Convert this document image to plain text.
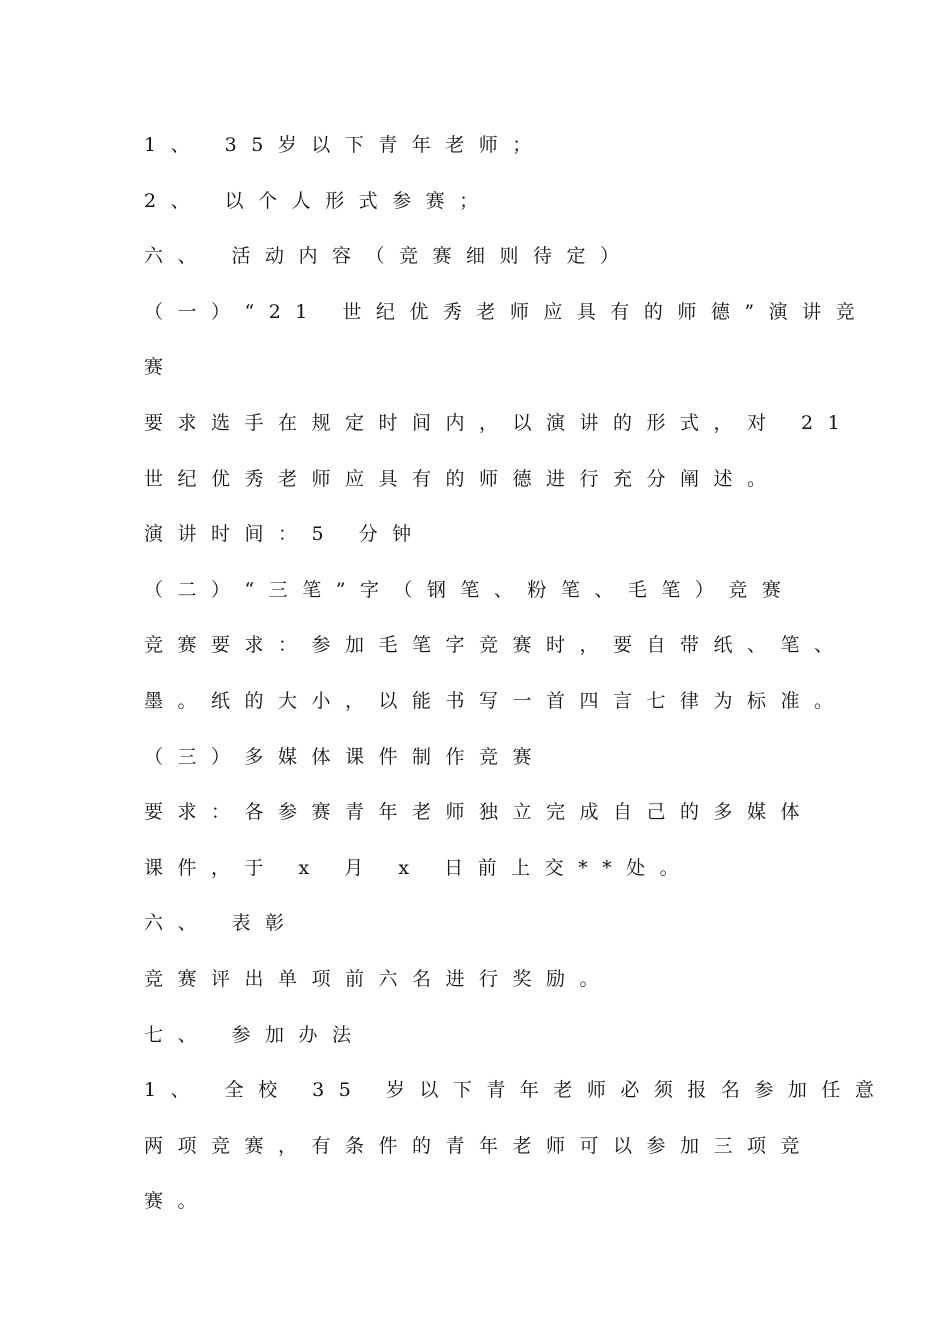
1、 35岁以下青年老师；
2、 以个人形式参赛；
六、 活动内容（竞赛细则待定）
（一）“21 世纪优秀老师应具有的师德”演讲竞
赛
要求选手在规定时间内，以演讲的形式，对 21
世纪优秀老师应具有的师德进行充分阐述。
演讲时间：5 分钟
（二）“三笔”字（钢笔、粉笔、毛笔）竞赛
竞赛要求：参加毛笔字竞赛时，要自带纸、笔、
墨。纸的大小，以能书写一首四言七律为标准。
（三）多媒体课件制作竞赛
要求：各参赛青年老师独立完成自己的多媒体
课件，于 x 月 x 日前上交**处。
六、 表彰
竞赛评出单项前六名进行奖励。
七、 参加办法
1、 全校 35 岁以下青年老师必须报名参加任意
两项竞赛，有条件的青年老师可以参加三项竞
赛。
